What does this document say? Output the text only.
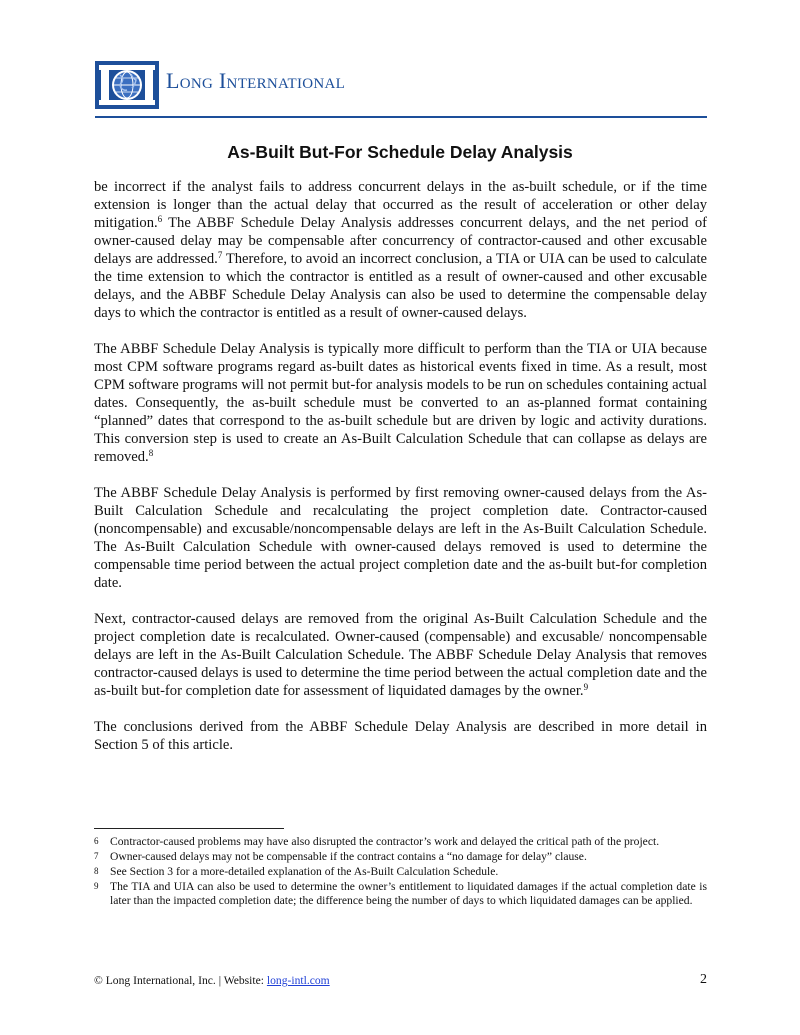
Long International
As-Built But-For Schedule Delay Analysis

be incorrect if the analyst fails to address concurrent delays in the as-built schedule, or if the time extension is longer than the actual delay that occurred as the result of acceleration or other delay mitigation.$^6$ The ABBF Schedule Delay Analysis addresses concurrent delays, and the net period of owner-caused delay may be compensable after concurrency of contractor-caused and other excusable delays are addressed.$^7$ Therefore, to avoid an incorrect conclusion, a TIA or UIA can be used to calculate the time extension to which the contractor is entitled as a result of owner-caused and other excusable delays, and the ABBF Schedule Delay Analysis can also be used to determine the compensable delay days to which the contractor is entitled as a result of owner-caused delays.

The ABBF Schedule Delay Analysis is typically more difficult to perform than the TIA or UIA because most CPM software programs regard as-built dates as historical events fixed in time. As a result, most CPM software programs will not permit but-for analysis models to be run on schedules containing actual dates. Consequently, the as-built schedule must be converted to an as-planned format containing “planned” dates that correspond to the as-built schedule but are driven by logic and activity durations. This conversion step is used to create an As-Built Calculation Schedule that can collapse as delays are removed.$^8$

The ABBF Schedule Delay Analysis is performed by first removing owner-caused delays from the As-Built Calculation Schedule and recalculating the project completion date. Contractor-caused (noncompensable) and excusable/noncompensable delays are left in the As-Built Calculation Schedule. The As-Built Calculation Schedule with owner-caused delays removed is used to determine the compensable time period between the actual project completion date and the as-built but-for completion date.

Next, contractor-caused delays are removed from the original As-Built Calculation Schedule and the project completion date is recalculated. Owner-caused (compensable) and excusable/ noncompensable delays are left in the As-Built Calculation Schedule. The ABBF Schedule Delay Analysis that removes contractor-caused delays is used to determine the time period between the actual completion date and the as-built but-for completion date for assessment of liquidated damages by the owner.$^9$

The conclusions derived from the ABBF Schedule Delay Analysis are described in more detail in Section 5 of this article.

6 Contractor-caused problems may have also disrupted the contractor’s work and delayed the critical path of the project.
7 Owner-caused delays may not be compensable if the contract contains a “no damage for delay” clause.
8 See Section 3 for a more-detailed explanation of the As-Built Calculation Schedule.
9 The TIA and UIA can also be used to determine the owner’s entitlement to liquidated damages if the actual completion date is later than the impacted completion date; the difference being the number of days to which liquidated damages can be applied.
© Long International, Inc. | Website: long-intl.com	2
